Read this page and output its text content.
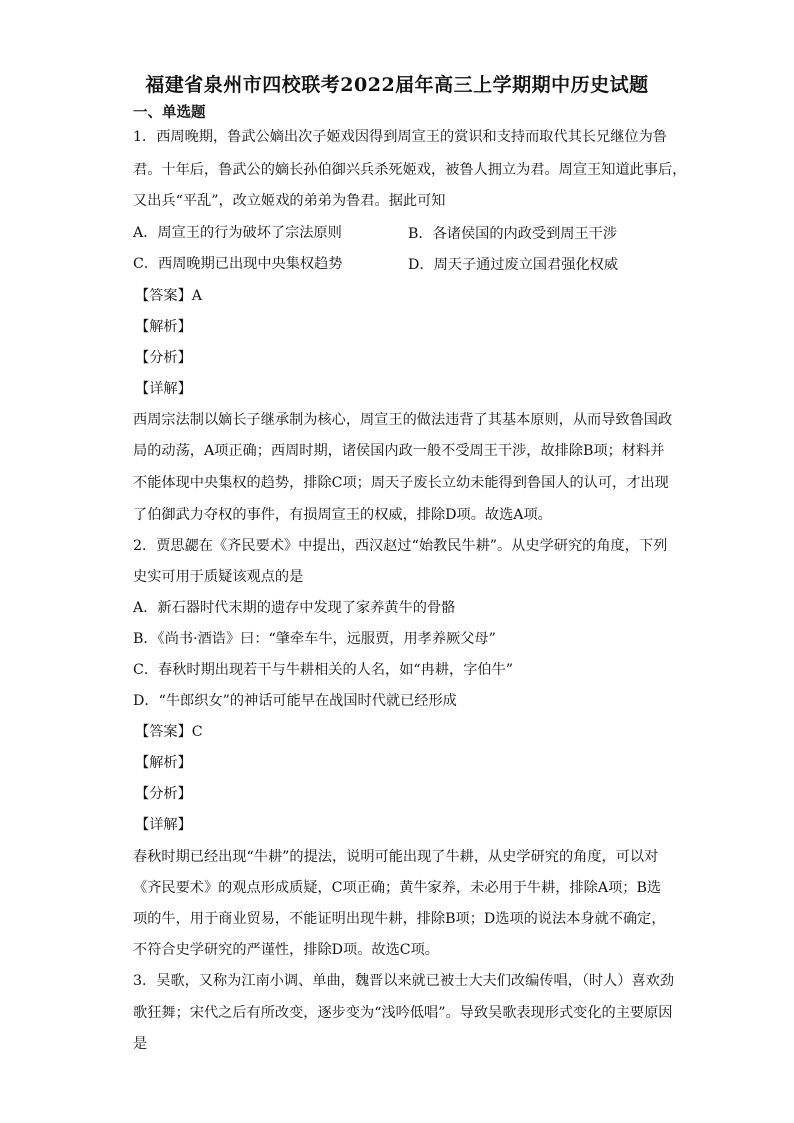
福建省泉州市四校联考2022届年高三上学期期中历史试题
一、单选题
1．西周晚期，鲁武公嫡出次子姬戏因得到周宣王的赏识和支持而取代其长兄继位为鲁
君。十年后，鲁武公的嫡长孙伯御兴兵杀死姬戏，被鲁人拥立为君。周宣王知道此事后，
又出兵“平乱”，改立姬戏的弟弟为鲁君。据此可知
A．周宣王的行为破坏了宗法原则	B．各诸侯国的内政受到周王干涉
C．西周晚期已出现中央集权趋势	D．周天子通过废立国君强化权威
【答案】A
【解析】
【分析】
【详解】
西周宗法制以嫡长子继承制为核心，周宣王的做法违背了其基本原则，从而导致鲁国政
局的动荡，A项正确；西周时期，诸侯国内政一般不受周王干涉，故排除B项；材料并
不能体现中央集权的趋势，排除C项；周天子废长立幼未能得到鲁国人的认可，才出现
了伯御武力夺权的事件，有损周宣王的权威，排除D项。故选A项。
2．贾思勰在《齐民要术》中提出，西汉赵过“始教民牛耕”。从史学研究的角度，下列
史实可用于质疑该观点的是
A．新石器时代末期的遗存中发现了家养黄牛的骨骼
B．《尚书·酒诰》曰：“肇牵车牛，远服贾，用孝养厥父母”
C．春秋时期出现若干与牛耕相关的人名，如“冉耕，字伯牛”
D．“牛郎织女”的神话可能早在战国时代就已经形成
【答案】C
【解析】
【分析】
【详解】
春秋时期已经出现“牛耕”的提法，说明可能出现了牛耕，从史学研究的角度，可以对
《齐民要术》的观点形成质疑，C项正确；黄牛家养，未必用于牛耕，排除A项；B选
项的牛，用于商业贸易，不能证明出现牛耕，排除B项；D选项的说法本身就不确定，
不符合史学研究的严谨性，排除D项。故选C项。
3．吴歌，又称为江南小调、单曲，魏晋以来就已被士大夫们改编传唱，（时人）喜欢劲
歌狂舞；宋代之后有所改变，逐步变为“浅吟低唱”。导致吴歌表现形式变化的主要原因
是
